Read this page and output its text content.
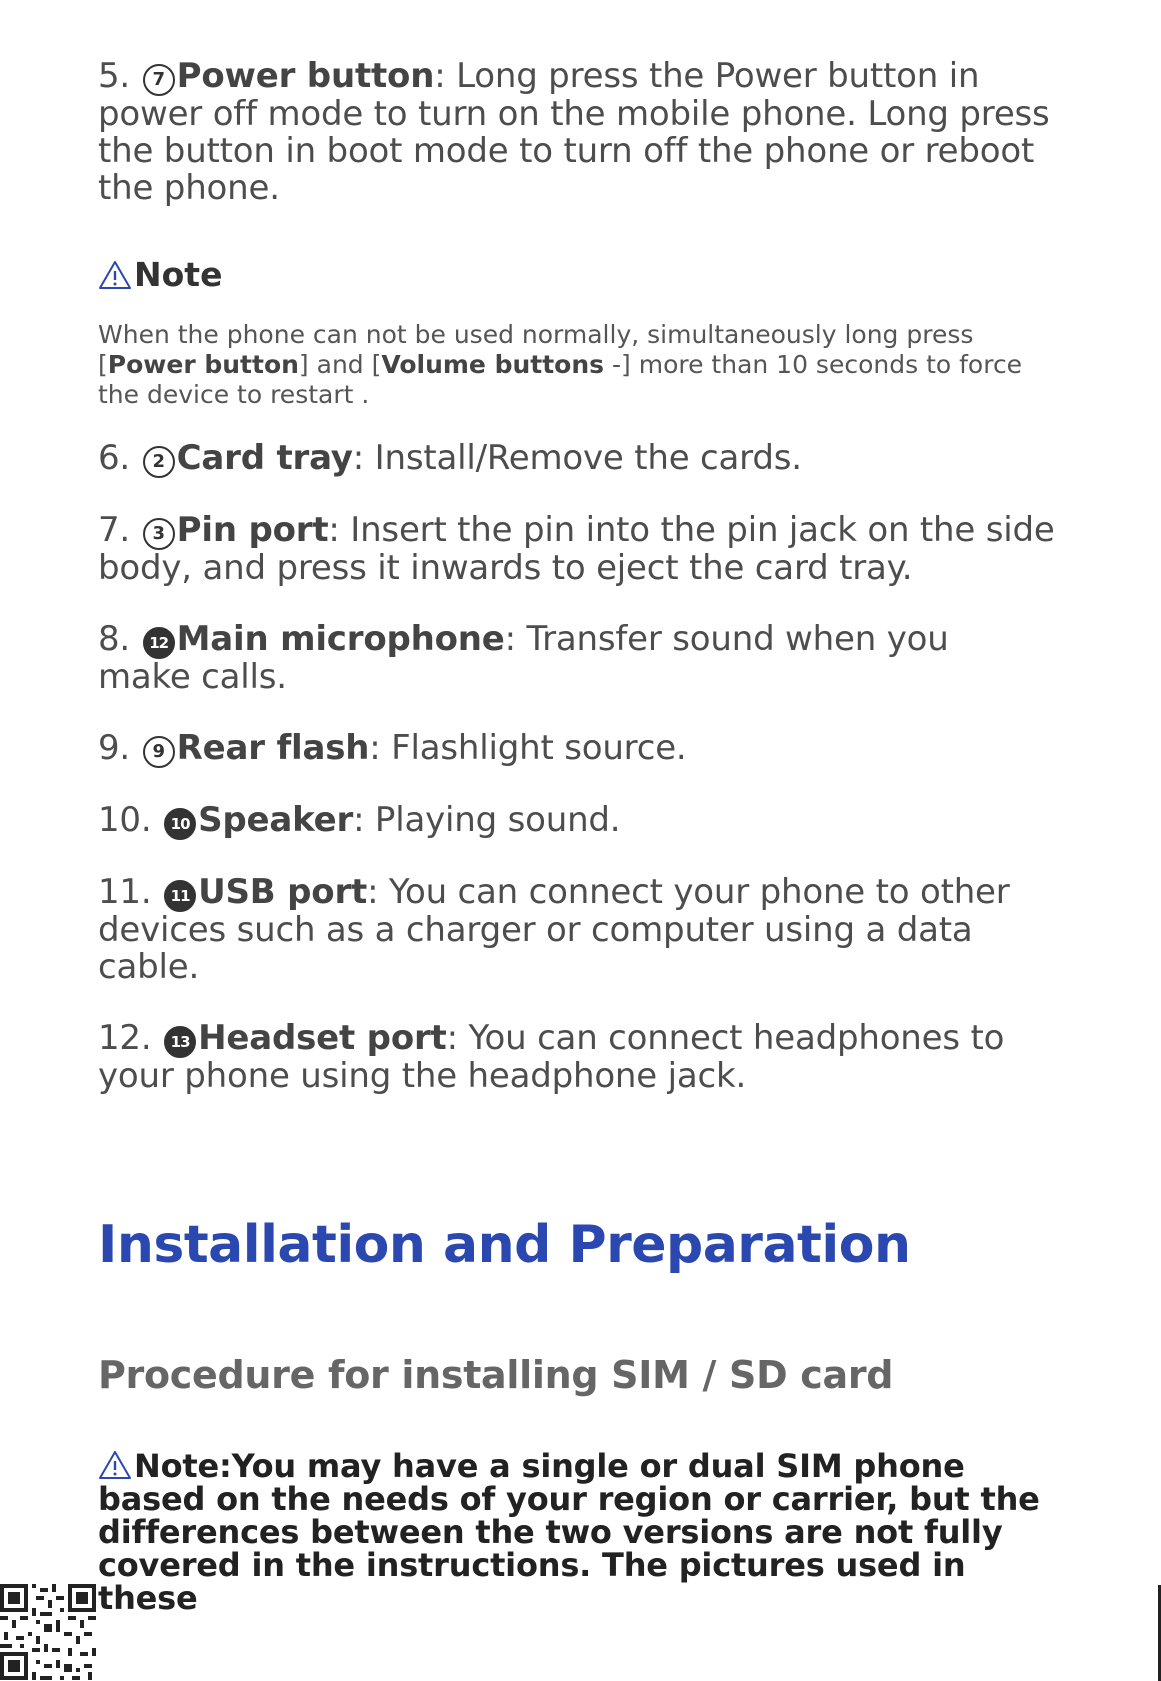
5. 7 Power button: Long press the Power button in power off mode to turn on the mobile phone. Long press the button in boot mode to turn off the phone or reboot the phone.

Note

When the phone can not be used normally, simultaneously long press [Power button] and [Volume buttons -] more than 10 seconds to force the device to restart .

6. 2 Card tray: Install/Remove the cards.

7. 3 Pin port: Insert the pin into the pin jack on the side body, and press it inwards to eject the card tray.

8. 12 Main microphone: Transfer sound when you make calls.

9. 9 Rear flash: Flashlight source.

10. 10 Speaker: Playing sound.

11. 11 USB port: You can connect your phone to other devices such as a charger or computer using a data cable.

12. 13 Headset port: You can connect headphones to your phone using the headphone jack.

Installation and Preparation
Procedure for installing SIM / SD card

Note:You may have a single or dual SIM phone based on the needs of your region or carrier, but the differences between the two versions are not fully covered in the instructions. The pictures used in these
